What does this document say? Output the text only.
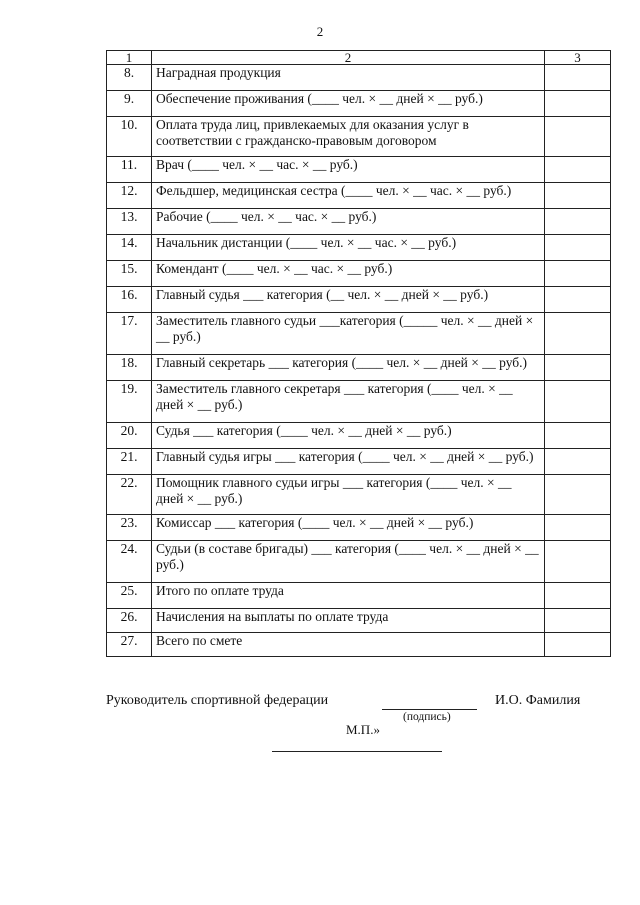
2
1	2	3
8.	Наградная продукция	
9.	Обеспечение проживания (____ чел. × __ дней × __ руб.)	
10.	Оплата труда лиц, привлекаемых для оказания услуг в соответствии с гражданско-правовым договором	
11.	Врач (____ чел. × __ час. × __ руб.)	
12.	Фельдшер, медицинская сестра (____ чел. × __ час. × __ руб.)	
13.	Рабочие (____ чел. × __ час. × __ руб.)	
14.	Начальник дистанции (____ чел. × __ час. × __ руб.)	
15.	Комендант (____ чел. × __ час. × __ руб.)	
16.	Главный судья ___ категория (__ чел. × __ дней × __ руб.)	
17.	Заместитель главного судьи ___категория (_____ чел. × __ дней × __ руб.)	
18.	Главный секретарь ___ категория (____ чел. × __ дней × __ руб.)	
19.	Заместитель главного секретаря ___ категория (____ чел. × __ дней × __ руб.)	
20.	Судья ___ категория (____ чел. × __ дней × __ руб.)	
21.	Главный судья игры ___ категория (____ чел. × __ дней × __ руб.)	
22.	Помощник главного судьи игры ___ категория (____ чел. × __ дней × __ руб.)	
23.	Комиссар ___ категория (____ чел. × __ дней × __ руб.)	
24.	Судьи (в составе бригады) ___ категория (____ чел. × __ дней × __ руб.)	
25.	Итого по оплате труда	
26.	Начисления на выплаты по оплате труда	
27.	Всего по смете	
Руководитель спортивной федерации
(подпись)
И.О. Фамилия
М.П.»
